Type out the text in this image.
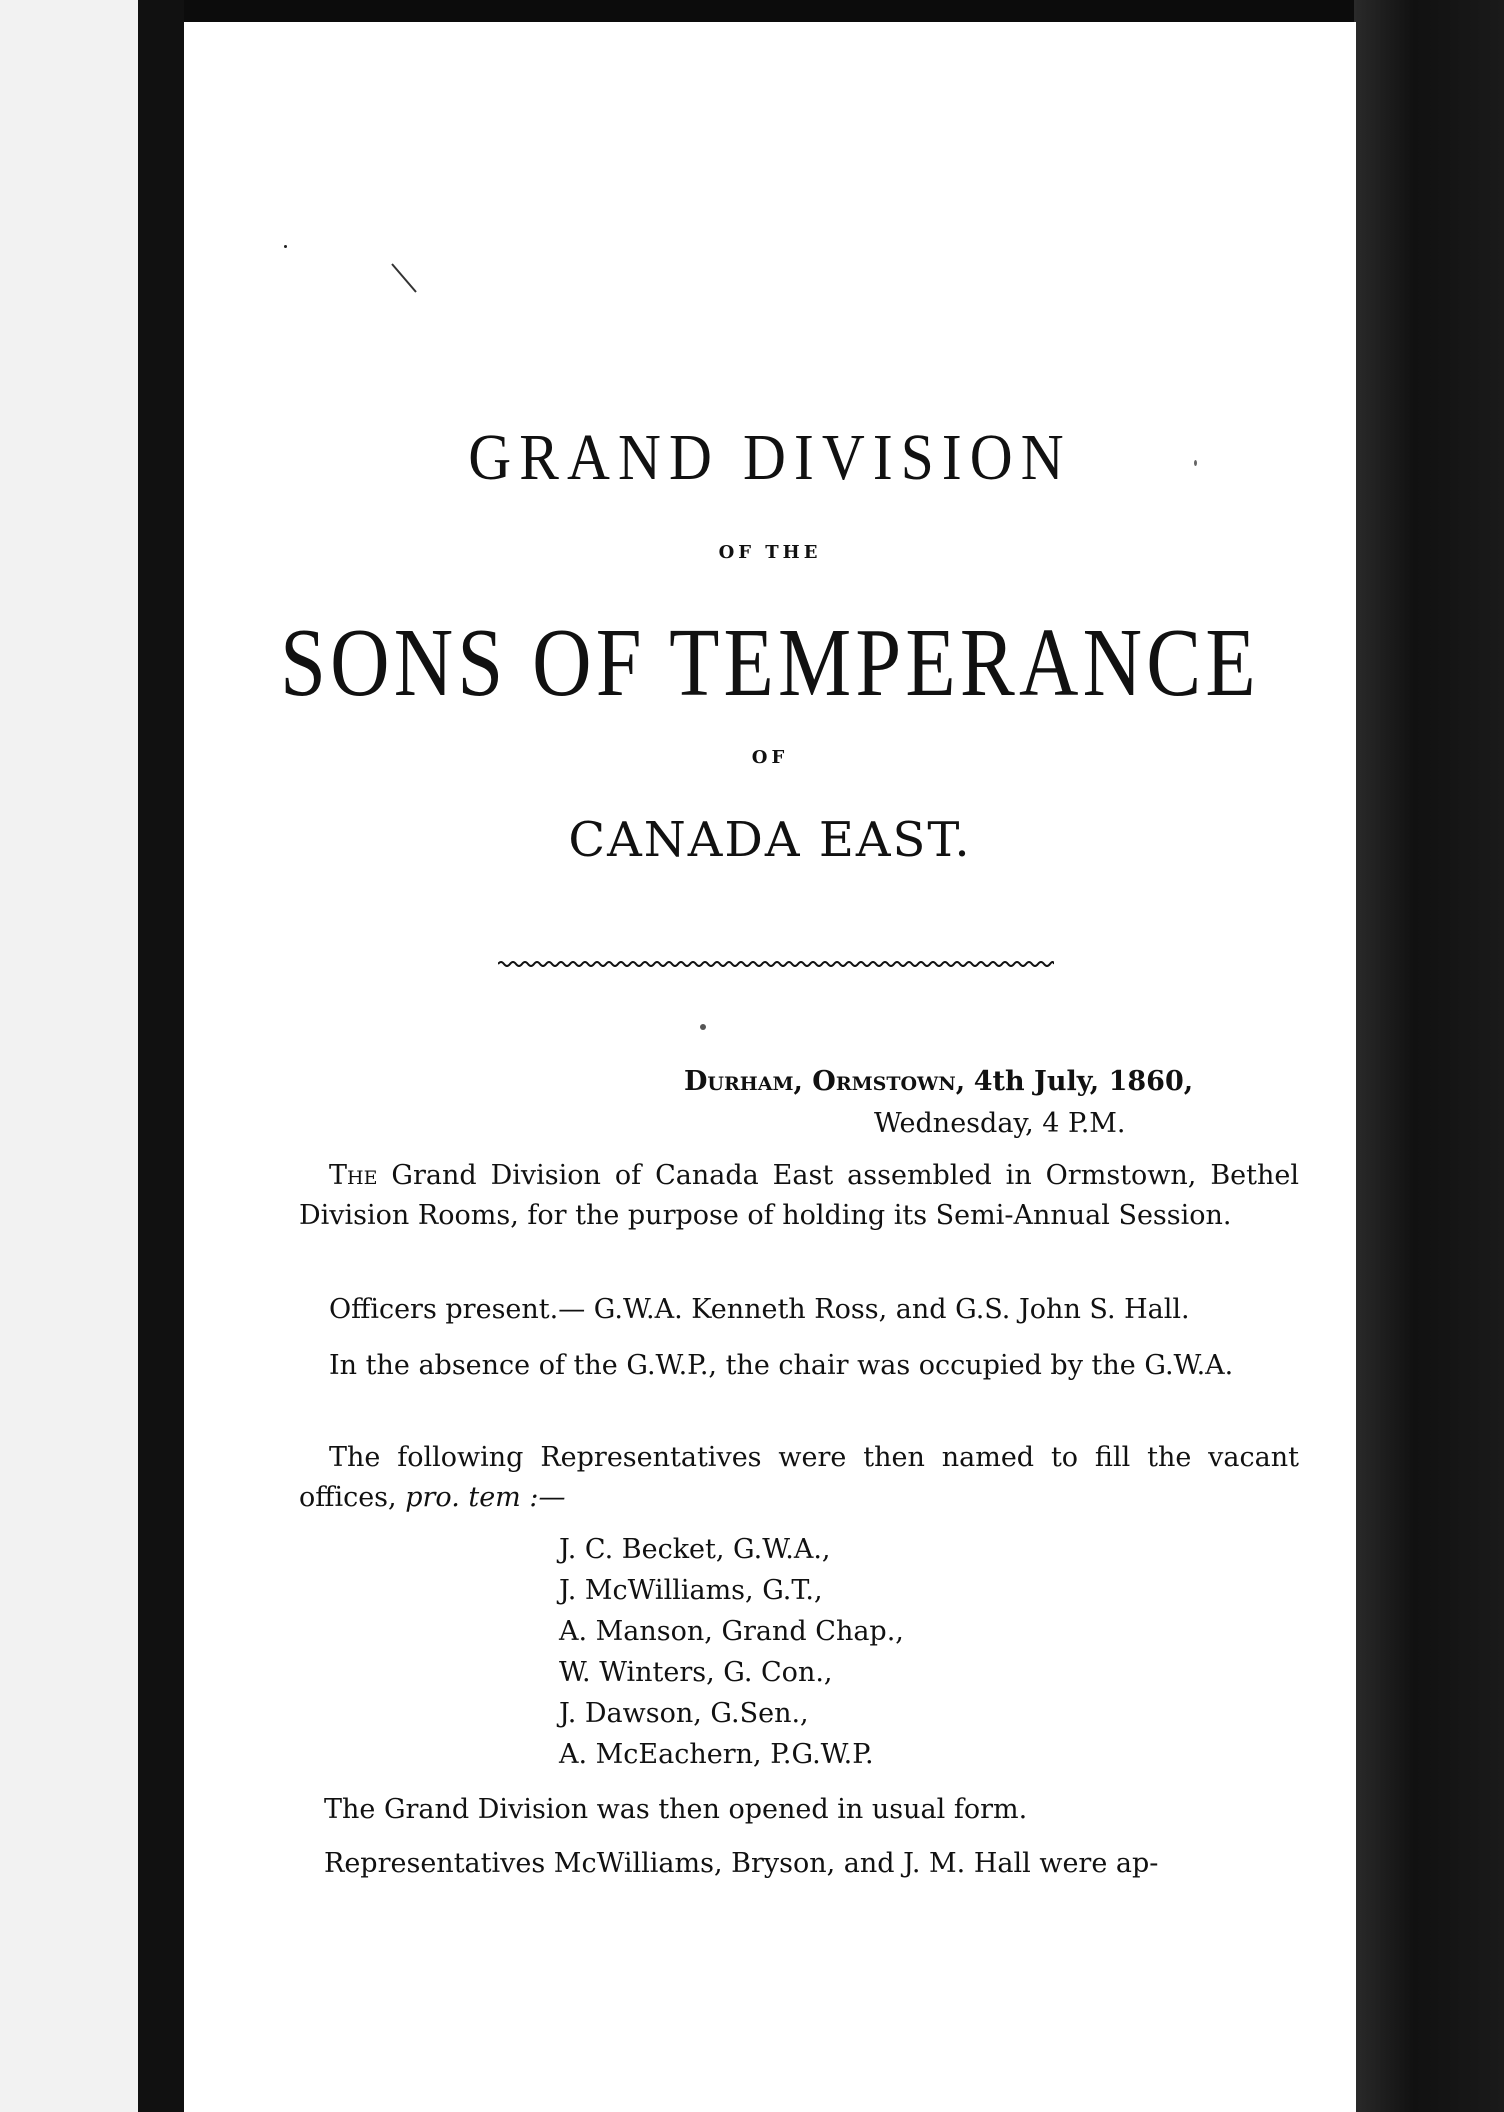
GRAND DIVISION
OF THE
SONS OF TEMPERANCE
OF
CANADA EAST.
Durham, Ormstown, 4th July, 1860,
Wednesday, 4 P.M.
The Grand Division of Canada East assembled in Ormstown, Bethel Division Rooms, for the purpose of holding its Semi-Annual Session.
Officers present.— G.W.A. Kenneth Ross, and G.S. John S. Hall.
In the absence of the G.W.P., the chair was occupied by the G.W.A.
The following Representatives were then named to fill the vacant offices, pro. tem :—
J. C. Becket, G.W.A.,
J. McWilliams, G.T.,
A. Manson, Grand Chap.,
W. Winters, G. Con.,
J. Dawson, G.Sen.,
A. McEachern, P.G.W.P.
The Grand Division was then opened in usual form.
Representatives McWilliams, Bryson, and J. M. Hall were ap-
